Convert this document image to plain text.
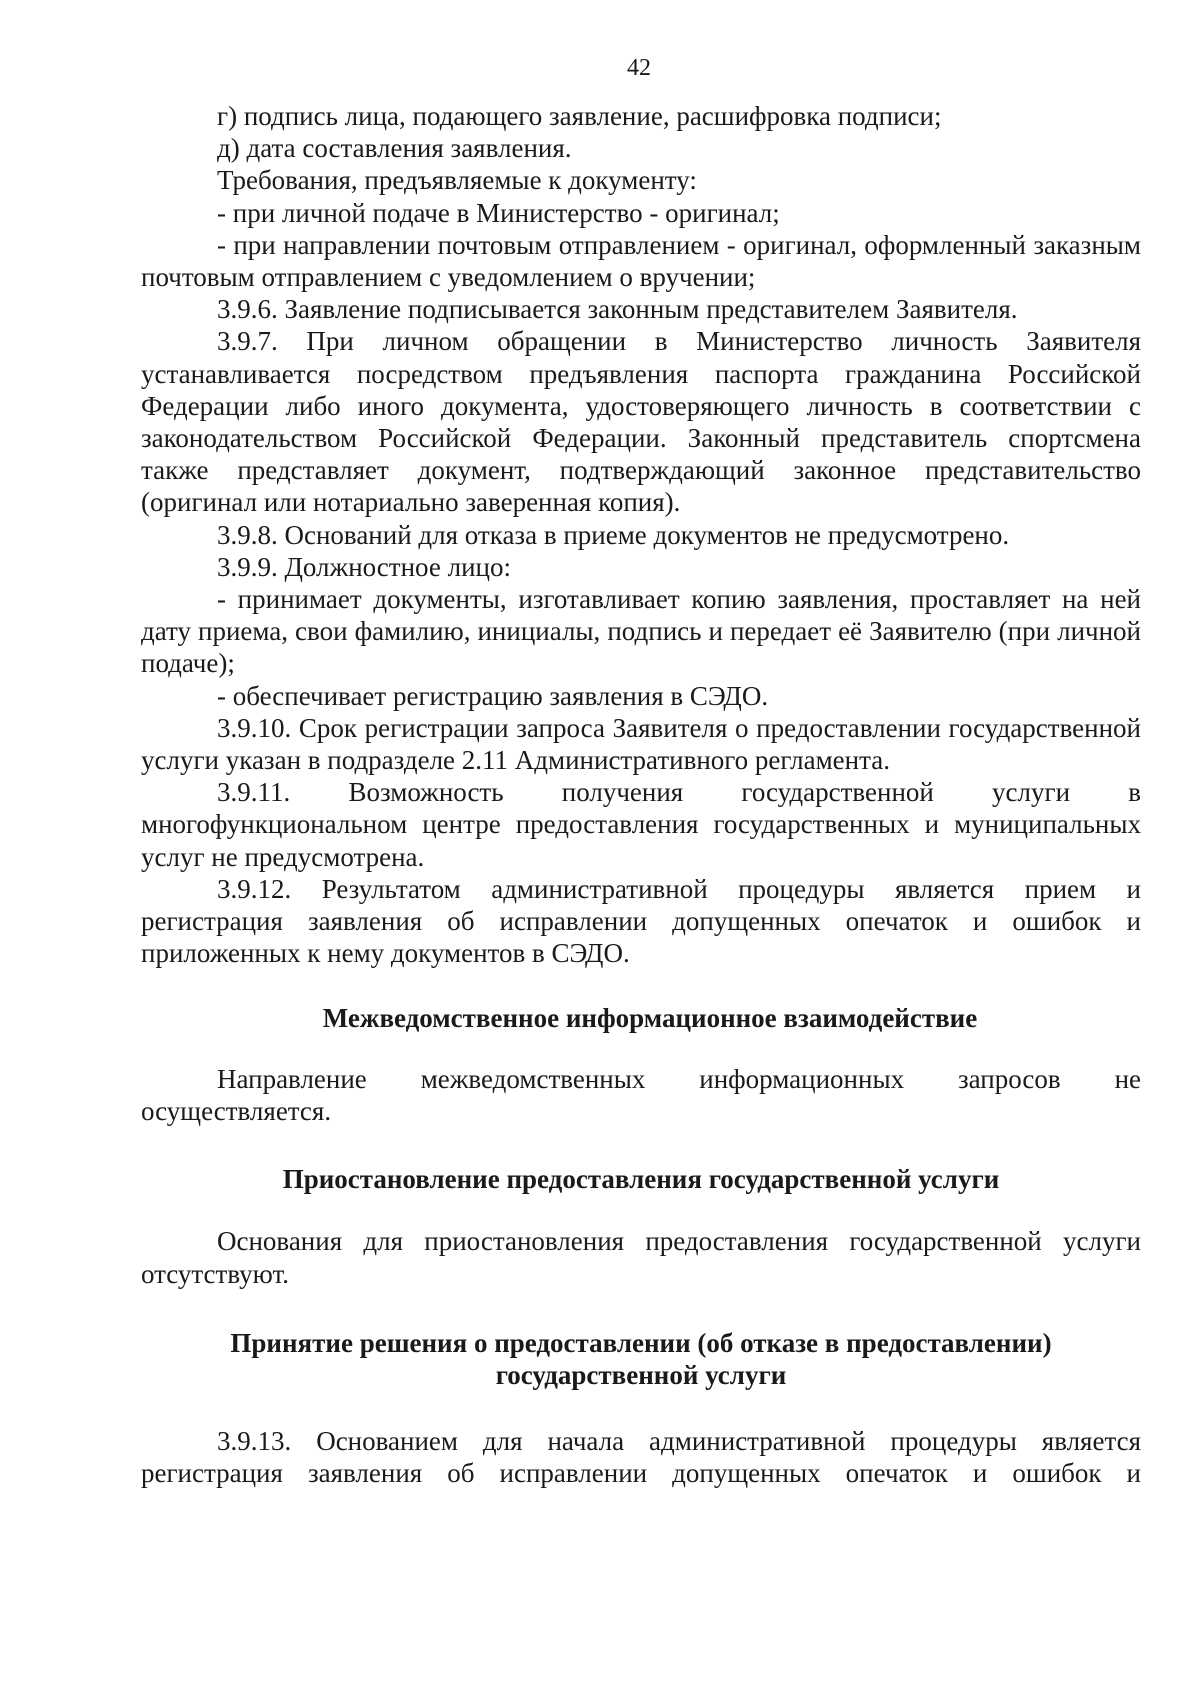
42

г) подпись лица, подающего заявление, расшифровка подписи;

д) дата составления заявления.

Требования, предъявляемые к документу:

- при личной подаче в Министерство - оригинал;

- при направлении почтовым отправлением - оригинал, оформленный заказным почтовым отправлением с уведомлением о вручении;

3.9.6. Заявление подписывается законным представителем Заявителя.

3.9.7. При личном обращении в Министерство личность Заявителя устанавливается посредством предъявления паспорта гражданина Российской Федерации либо иного документа, удостоверяющего личность в соответствии с законодательством Российской Федерации. Законный представитель спортсмена также представляет документ, подтверждающий законное представительство (оригинал или нотариально заверенная копия).

3.9.8. Оснований для отказа в приеме документов не предусмотрено.

3.9.9. Должностное лицо:

- принимает документы, изготавливает копию заявления, проставляет на ней дату приема, свои фамилию, инициалы, подпись и передает её Заявителю (при личной подаче);

- обеспечивает регистрацию заявления в СЭДО.

3.9.10. Срок регистрации запроса Заявителя о предоставлении государственной услуги указан в подразделе 2.11 Административного регламента.

3.9.11. Возможность получения государственной услуги в многофункциональном центре предоставления государственных и муниципальных услуг не предусмотрена.

3.9.12. Результатом административной процедуры является прием и регистрация заявления об исправлении допущенных опечаток и ошибок и приложенных к нему документов в СЭДО.

Межведомственное информационное взаимодействие

Направление межведомственных информационных запросов не осуществляется.

Приостановление предоставления государственной услуги

Основания для приостановления предоставления государственной услуги отсутствуют.

Принятие решения о предоставлении (об отказе в предоставлении) государственной услуги

3.9.13. Основанием для начала административной процедуры является регистрация заявления об исправлении допущенных опечаток и ошибок и
